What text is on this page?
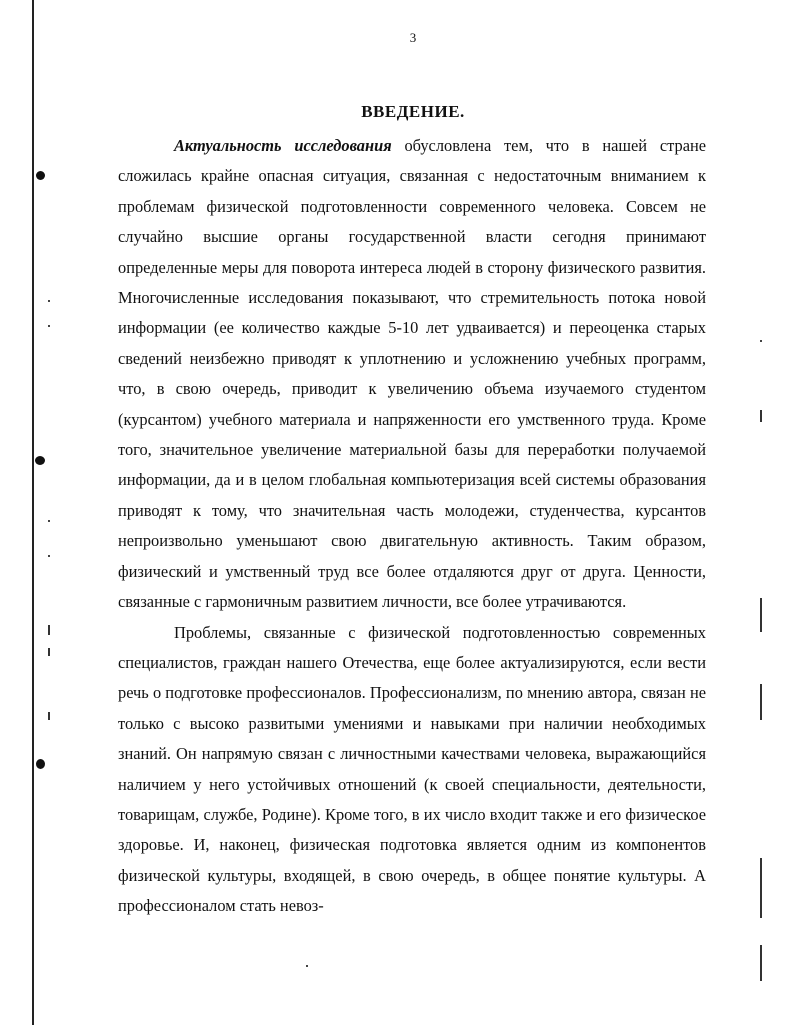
3
ВВЕДЕНИЕ.

Актуальность исследования обусловлена тем, что в нашей стране сложилась крайне опасная ситуация, связанная с недостаточным вниманием к проблемам физической подготовленности современного человека. Совсем не случайно высшие органы государственной власти сегодня принимают определенные меры для поворота интереса людей в сторону физического развития. Многочисленные исследования показывают, что стремительность потока новой информации (ее количество каждые 5-10 лет удваивается) и переоценка старых сведений неизбежно приводят к уплотнению и усложнению учебных программ, что, в свою очередь, приводит к увеличению объема изучаемого студентом (курсантом) учебного материала и напряженности его умственного труда. Кроме того, значительное увеличение материальной базы для переработки получаемой информации, да и в целом глобальная компьютеризация всей системы образования приводят к тому, что значительная часть молодежи, студенчества, курсантов непроизвольно уменьшают свою двигательную активность. Таким образом, физический и умственный труд все более отдаляются друг от друга. Ценности, связанные с гармоничным развитием личности, все более утрачиваются.

Проблемы, связанные с физической подготовленностью современных специалистов, граждан нашего Отечества, еще более актуализируются, если вести речь о подготовке профессионалов. Профессионализм, по мнению автора, связан не только с высоко развитыми умениями и навыками при наличии необходимых знаний. Он напрямую связан с личностными качествами человека, выражающийся наличием у него устойчивых отношений (к своей специальности, деятельности, товарищам, службе, Родине). Кроме того, в их число входит также и его физическое здоровье. И, наконец, физическая подготовка является одним из компонентов физической культуры, входящей, в свою очередь, в общее понятие культуры. А профессионалом стать невоз-
